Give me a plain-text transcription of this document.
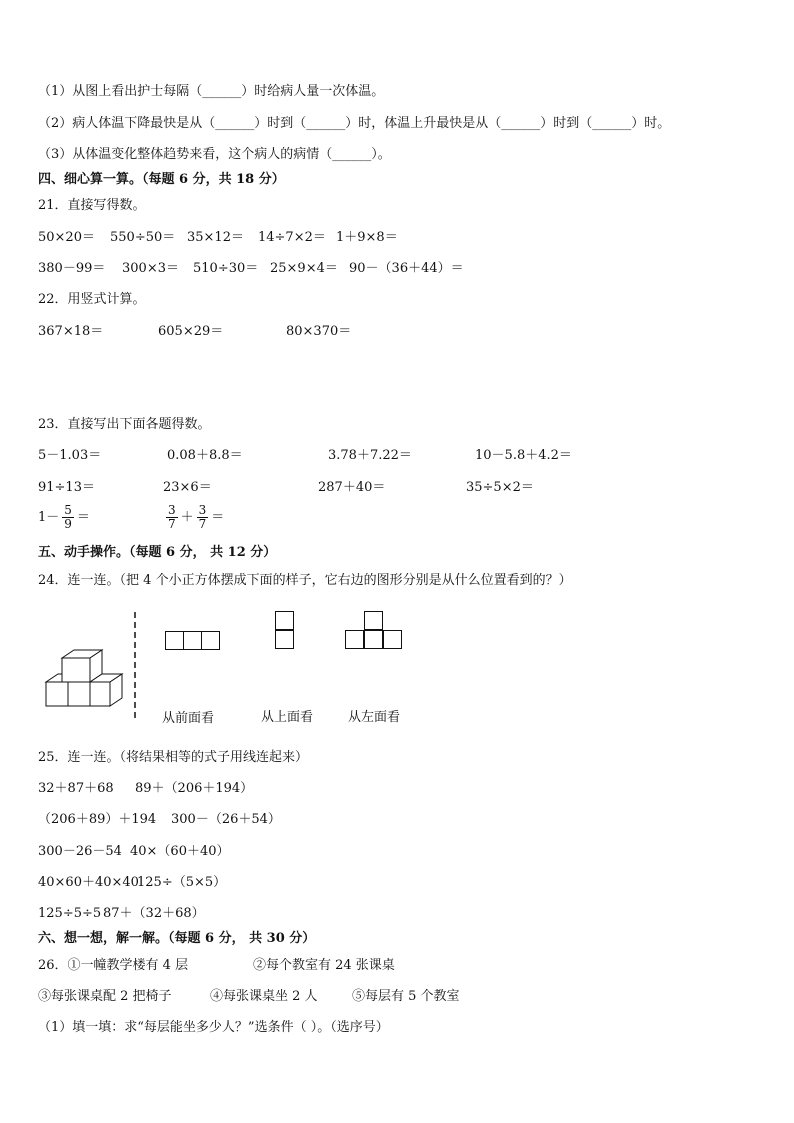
（1）从图上看出护士每隔（______）时给病人量一次体温。
（2）病人体温下降最快是从（______）时到（______）时，体温上升最快是从（______）时到（______）时。
（3）从体温变化整体趋势来看，这个病人的病情（______）。
四、细心算一算。（每题 6 分，共 18 分）
21．直接写得数。
50×20＝ 550÷50＝ 35×12＝ 14÷7×2＝ 1＋9×8＝
380－99＝ 300×3＝ 510÷30＝ 25×9×4＝ 90－（36＋44）＝
22．用竖式计算。
367×18＝	605×29＝	80×370＝
23．直接写出下面各题得数。
5－1.03＝	0.08＋8.8＝	3.78＋7.22＝	10－5.8＋4.2＝
91÷13＝	23×6＝	287＋40＝	35÷5×2＝
$1- \frac{5}{9}$ ＝	$\frac{3}{7} + \frac{3}{7}$ ＝
五、动手操作。（每题 6 分， 共 12 分）
24．连一连。（把 4 个小正方体摆成下面的样子，它右边的图形分别是从什么位置看到的？）
从前面看	从上面看	从左面看
25．连一连。（将结果相等的式子用线连起来）
32＋87＋68 89＋（206＋194）
（206＋89）＋194 300－（26＋54）
300－26－54 40×（60＋40）
40×60＋40×40
125÷（5×5）
125÷5÷5 87＋（32＋68）
六、想一想，解一解。（每题 6 分， 共 30 分）
26．①一幢教学楼有 4 层	②每个教室有 24 张课桌
③每张课桌配 2 把椅子	④每张课桌坐 2 人	⑤每层有 5 个教室
（1）填一填：求“每层能坐多少人？”选条件（ ）。（选序号）
